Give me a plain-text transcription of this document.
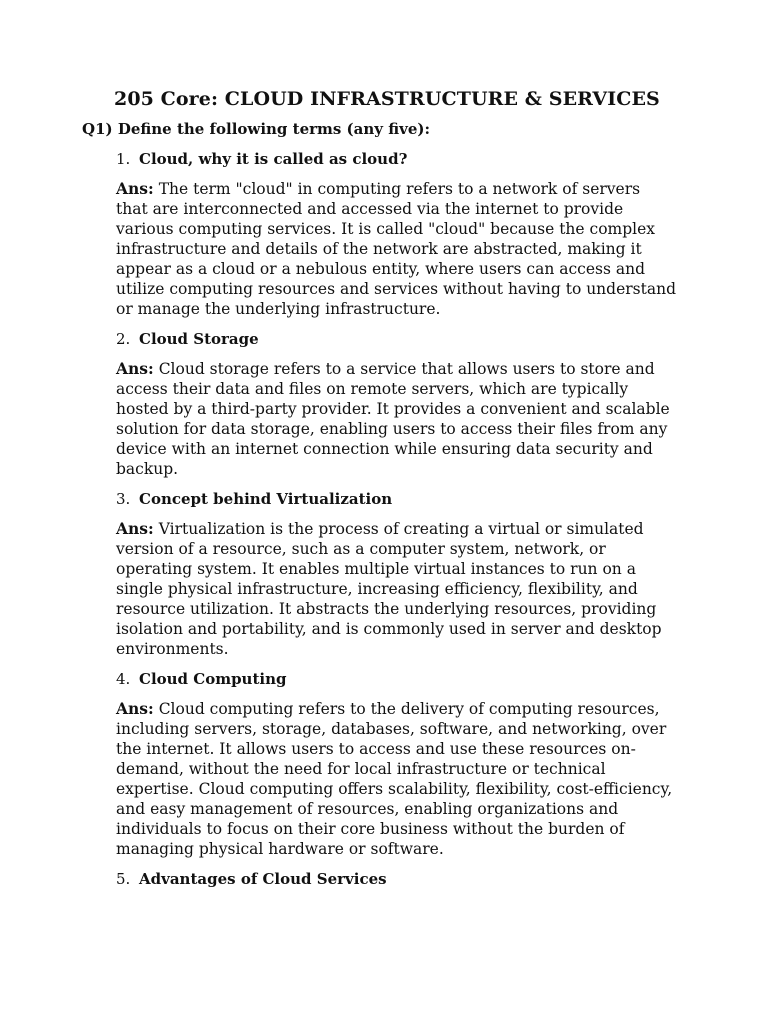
205 Core: CLOUD INFRASTRUCTURE & SERVICES
Q1) Define the following terms (any five):
1. Cloud, why it is called as cloud?

Ans: The term "cloud" in computing refers to a network of servers that are interconnected and accessed via the internet to provide various computing services. It is called "cloud" because the complex infrastructure and details of the network are abstracted, making it appear as a cloud or a nebulous entity, where users can access and utilize computing resources and services without having to understand or manage the underlying infrastructure.

2. Cloud Storage

Ans: Cloud storage refers to a service that allows users to store and access their data and files on remote servers, which are typically hosted by a third-party provider. It provides a convenient and scalable solution for data storage, enabling users to access their files from any device with an internet connection while ensuring data security and backup.

3. Concept behind Virtualization

Ans: Virtualization is the process of creating a virtual or simulated version of a resource, such as a computer system, network, or operating system. It enables multiple virtual instances to run on a single physical infrastructure, increasing efficiency, flexibility, and resource utilization. It abstracts the underlying resources, providing isolation and portability, and is commonly used in server and desktop environments.

4. Cloud Computing

Ans: Cloud computing refers to the delivery of computing resources, including servers, storage, databases, software, and networking, over the internet. It allows users to access and use these resources on-demand, without the need for local infrastructure or technical expertise. Cloud computing offers scalability, flexibility, cost-efficiency, and easy management of resources, enabling organizations and individuals to focus on their core business without the burden of managing physical hardware or software.

5. Advantages of Cloud Services
